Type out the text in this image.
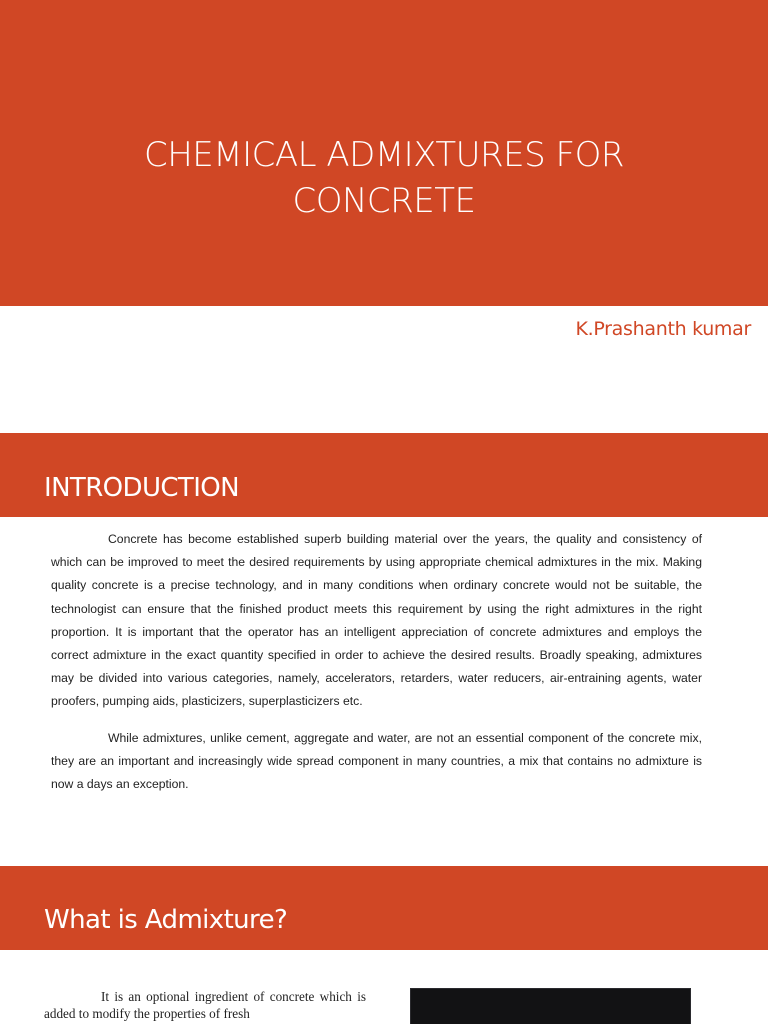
CHEMICAL ADMIXTURES FOR CONCRETE
K.Prashanth kumar
INTRODUCTION

Concrete has become established superb building material over the years, the quality and consistency of which can be improved to meet the desired requirements by using appropriate chemical admixtures in the mix. Making quality concrete is a precise technology, and in many conditions when ordinary concrete would not be suitable, the technologist can ensure that the finished product meets this requirement by using the right admixtures in the right proportion. It is important that the operator has an intelligent appreciation of concrete admixtures and employs the correct admixture in the exact quantity specified in order to achieve the desired results. Broadly speaking, admixtures may be divided into various categories, namely, accelerators, retarders, water reducers, air-entraining agents, water proofers, pumping aids, plasticizers, superplasticizers etc.

While admixtures, unlike cement, aggregate and water, are not an essential component of the concrete mix, they are an important and increasingly wide spread component in many countries, a mix that contains no admixture is now a days an exception.

What is Admixture?

It is an optional ingredient of concrete which is added to modify the properties of fresh
